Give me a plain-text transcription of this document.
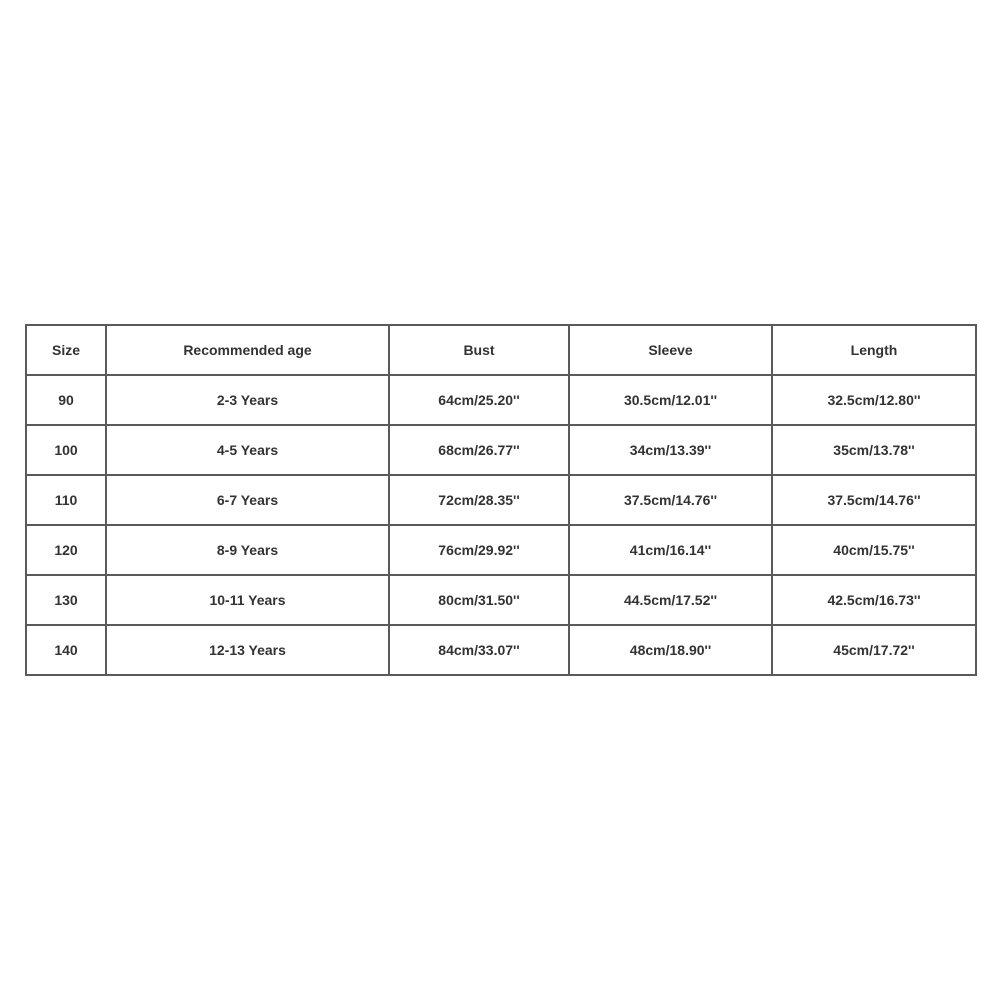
Size	Recommended age	Bust	Sleeve	Length
90	2-3 Years	64cm/25.20''	30.5cm/12.01''	32.5cm/12.80''
100	4-5 Years	68cm/26.77''	34cm/13.39''	35cm/13.78''
110	6-7 Years	72cm/28.35''	37.5cm/14.76''	37.5cm/14.76''
120	8-9 Years	76cm/29.92''	41cm/16.14''	40cm/15.75''
130	10-11 Years	80cm/31.50''	44.5cm/17.52''	42.5cm/16.73''
140	12-13 Years	84cm/33.07''	48cm/18.90''	45cm/17.72''
